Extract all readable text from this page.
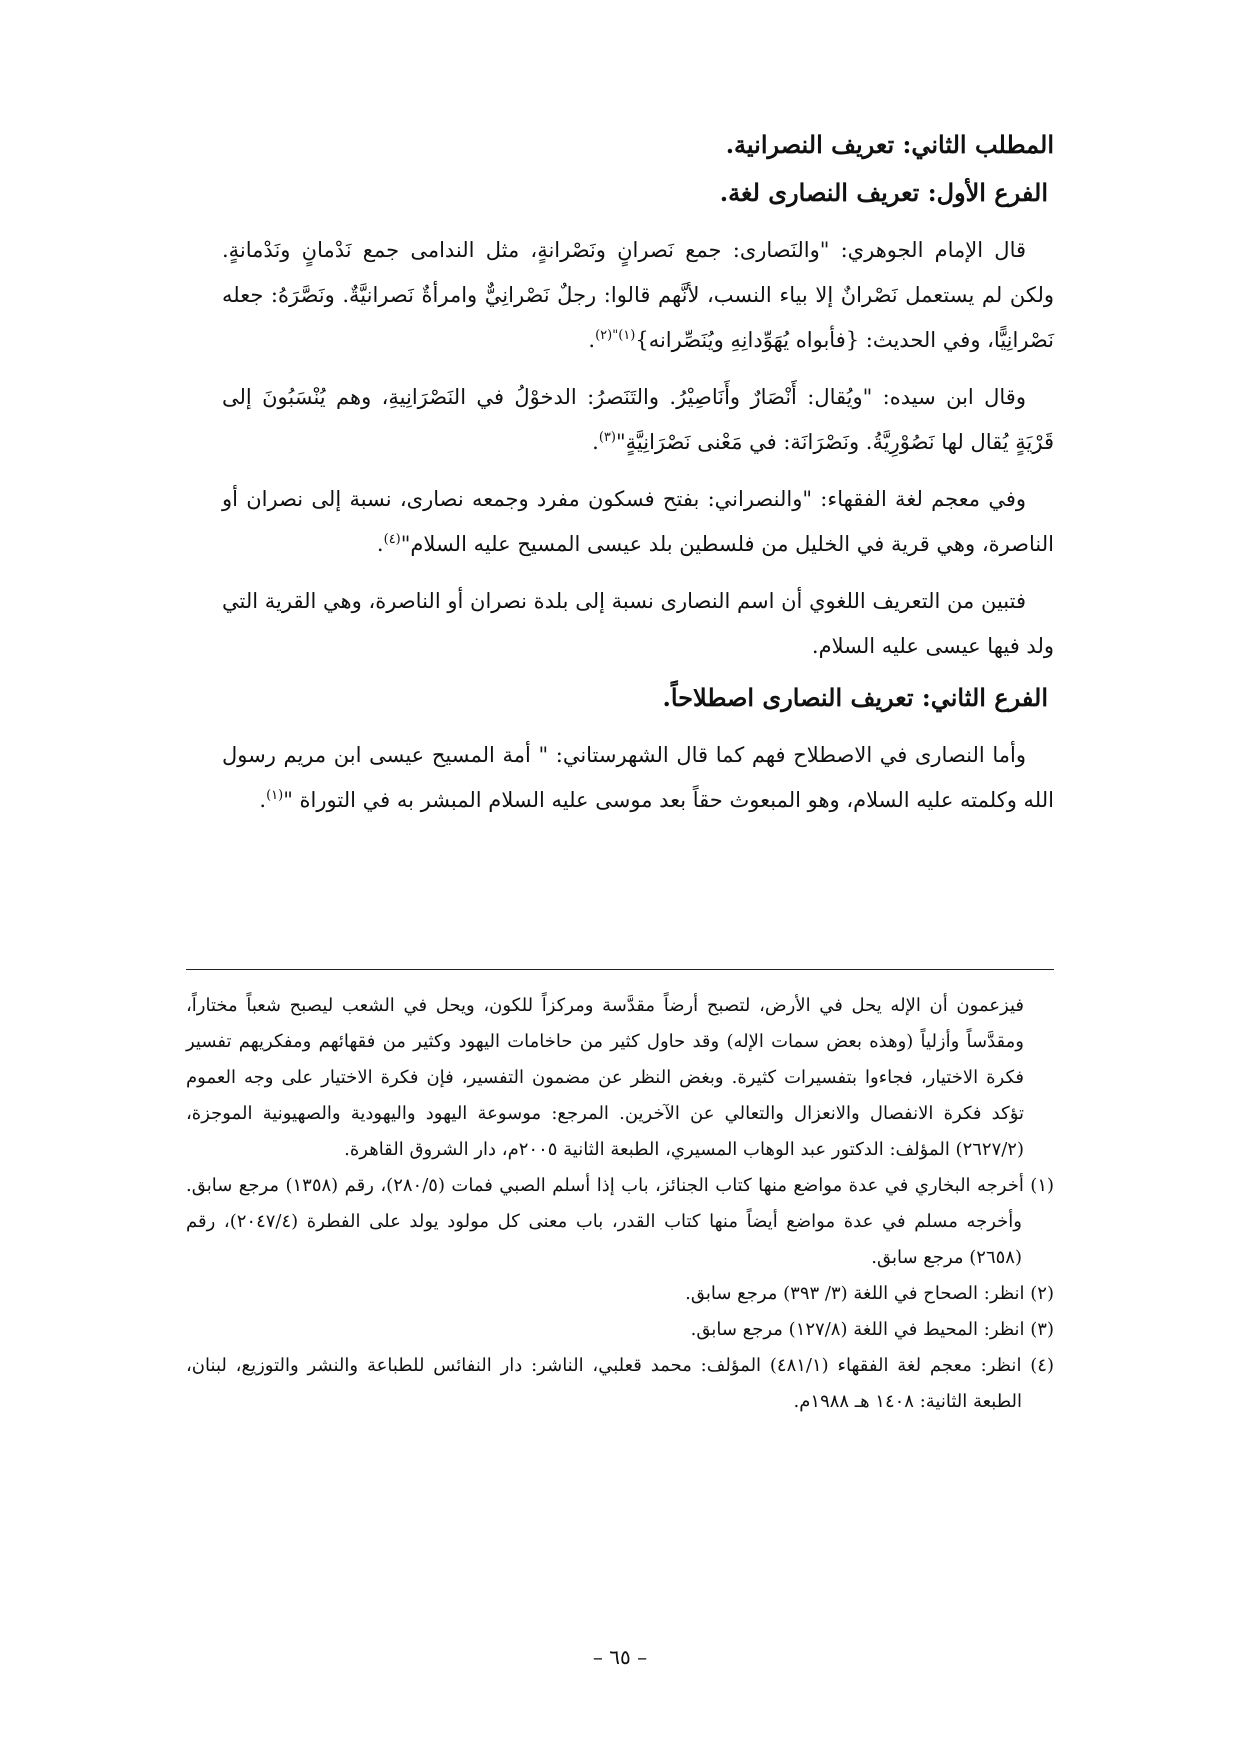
المطلب الثاني: تعريف النصرانية.
الفرع الأول: تعريف النصارى لغة.

قال الإمام الجوهري: "والنَصارى: جمع نَصرانٍ ونَصْرانةٍ، مثل الندامى جمع نَدْمانٍ ونَدْمانةٍ. ولكن لم يستعمل نَصْرانٌ إلا بياء النسب، لأنَّهم قالوا: رجلٌ نَصْرانِيٌّ وامرأةٌ نَصرانيَّةٌ. ونَصَّرَهُ: جعله نَصْرانِيًّا، وفي الحديث: {فأبواه يُهَوِّدانِهِ ويُنَصِّرانه}$^{(١)"(٢)}$.

وقال ابن سيده: "ويُقال: أَنْصَارٌ وأَنَاصِيْرُ. والتَنَصرُ: الدخوْلُ في النَصْرَانِيةِ، وهم يُنْسَبُونَ إلى قَرْيَةٍ يُقال لها نَصُوْرِيَّةُ. ونَصْرَانَة: في مَعْنى نَصْرَانِيَّةٍ"$^{(٣)}$.

وفي معجم لغة الفقهاء: "والنصراني: بفتح فسكون مفرد وجمعه نصارى، نسبة إلى نصران أو الناصرة، وهي قرية في الخليل من فلسطين بلد عيسى المسيح عليه السلام"$^{(٤)}$.

فتبين من التعريف اللغوي أن اسم النصارى نسبة إلى بلدة نصران أو الناصرة، وهي القرية التي ولد فيها عيسى عليه السلام.

الفرع الثاني: تعريف النصارى اصطلاحاً.

وأما النصارى في الاصطلاح فهم كما قال الشهرستاني: " أمة المسيح عيسى ابن مريم رسول الله وكلمته عليه السلام، وهو المبعوث حقاً بعد موسى عليه السلام المبشر به في التوراة "$^{(١)}$.

فيزعمون أن الإله يحل في الأرض، لتصبح أرضاً مقدَّسة ومركزاً للكون، ويحل في الشعب ليصبح شعباً مختاراً، ومقدَّساً وأزلياً (وهذه بعض سمات الإله) وقد حاول كثير من حاخامات اليهود وكثير من فقهائهم ومفكريهم تفسير فكرة الاختيار، فجاءوا بتفسيرات كثيرة. وبغض النظر عن مضمون التفسير، فإن فكرة الاختيار على وجه العموم تؤكد فكرة الانفصال والانعزال والتعالي عن الآخرين. المرجع: موسوعة اليهود واليهودية والصهيونية الموجزة، (٢٦٢٧/٢) المؤلف: الدكتور عبد الوهاب المسيري، الطبعة الثانية ٢٠٠٥م، دار الشروق القاهرة.

(١) أخرجه البخاري في عدة مواضع منها كتاب الجنائز، باب إذا أسلم الصبي فمات (٢٨٠/٥)، رقم (١٣٥٨) مرجع سابق. وأخرجه مسلم في عدة مواضع أيضاً منها كتاب القدر، باب معنى كل مولود يولد على الفطرة (٢٠٤٧/٤)، رقم (٢٦٥٨) مرجع سابق.

(٢) انظر: الصحاح في اللغة (٣/ ٣٩٣) مرجع سابق.

(٣) انظر: المحيط في اللغة (١٢٧/٨) مرجع سابق.

(٤) انظر: معجم لغة الفقهاء (٤٨١/١) المؤلف: محمد قعلبي، الناشر: دار النفائس للطباعة والنشر والتوزيع، لبنان، الطبعة الثانية: ١٤٠٨ هـ ١٩٨٨م.

– ٦٥ –
